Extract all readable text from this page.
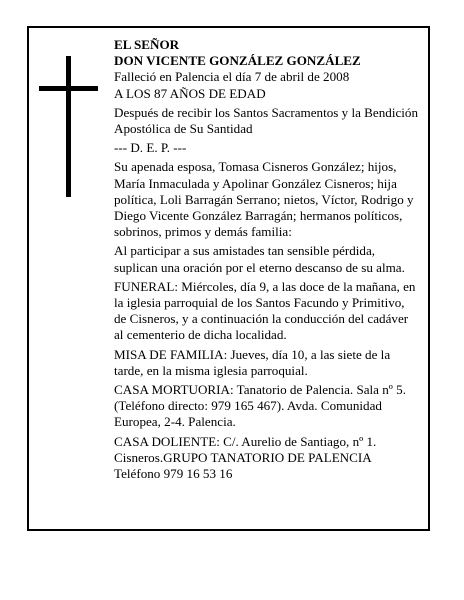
EL SEÑOR

DON VICENTE GONZÁLEZ GONZÁLEZ

Falleció en Palencia el día 7 de abril de 2008

A LOS 87 AÑOS DE EDAD

Después de recibir los Santos Sacramentos y la Bendición Apostólica de Su Santidad

--- D. E. P. ---

Su apenada esposa, Tomasa Cisneros González; hijos, María Inmaculada y Apolinar González Cisneros; hija política, Loli Barragán Serrano; nietos, Víctor, Rodrigo y Diego Vicente González Barragán; hermanos políticos, sobrinos, primos y demás familia:

Al participar a sus amistades tan sensible pérdida, suplican una oración por el eterno descanso de su alma.

FUNERAL: Miércoles, día 9, a las doce de la mañana, en la iglesia parroquial de los Santos Facundo y Primitivo, de Cisneros, y a continuación la conducción del cadáver al cementerio de dicha localidad.

MISA DE FAMILIA: Jueves, día 10, a las siete de la tarde, en la misma iglesia parroquial.

CASA MORTUORIA: Tanatorio de Palencia. Sala nº 5. (Teléfono directo: 979 165 467). Avda. Comunidad Europea, 2-4. Palencia.

CASA DOLIENTE: C/. Aurelio de Santiago, nº 1. Cisneros.GRUPO TANATORIO DE PALENCIA Teléfono 979 16 53 16
